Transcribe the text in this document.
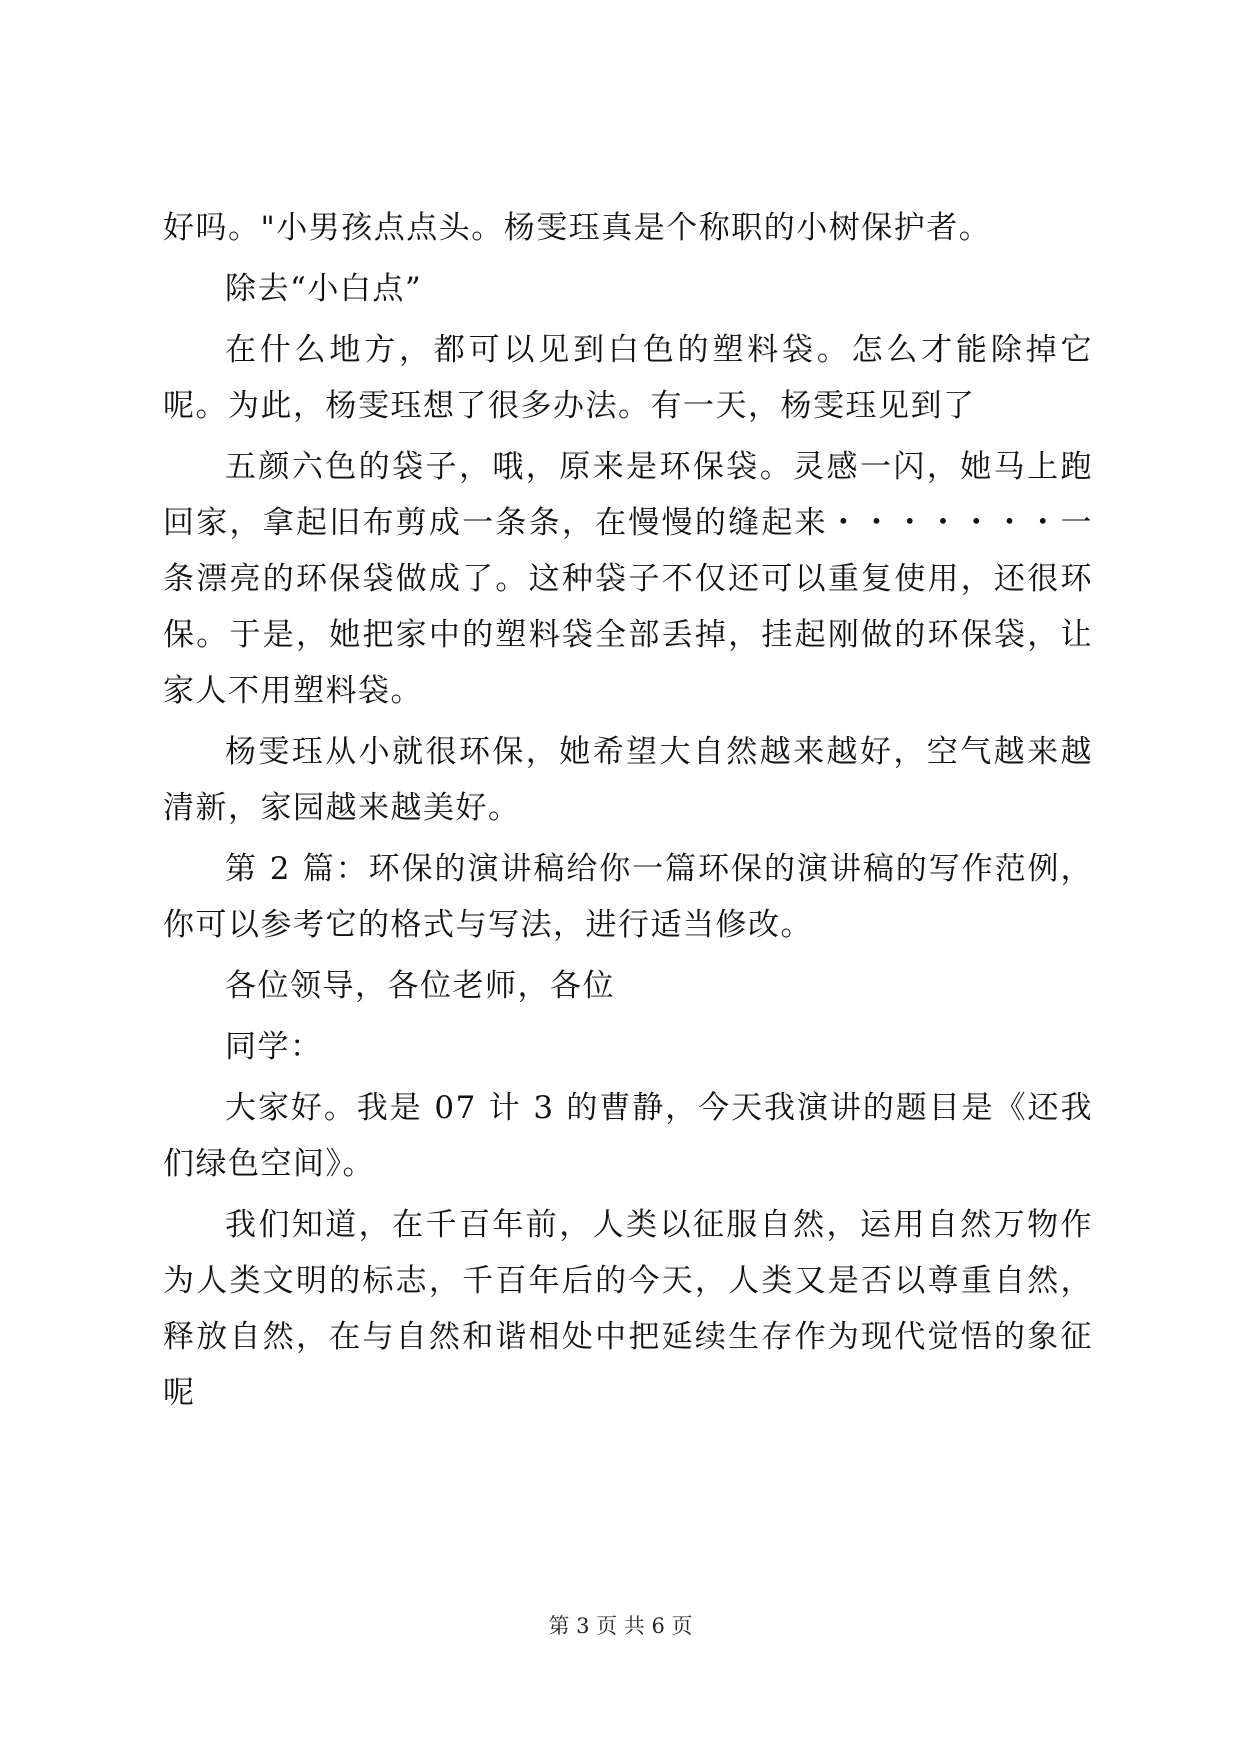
好吗。"小男孩点点头。杨雯珏真是个称职的小树保护者。

除去“小白点”

在什么地方，都可以见到白色的塑料袋。怎么才能除掉它呢。为此，杨雯珏想了很多办法。有一天，杨雯珏见到了

五颜六色的袋子，哦，原来是环保袋。灵感一闪，她马上跑回家，拿起旧布剪成一条条，在慢慢的缝起来・・・・・・・一条漂亮的环保袋做成了。这种袋子不仅还可以重复使用，还很环保。于是，她把家中的塑料袋全部丢掉，挂起刚做的环保袋，让家人不用塑料袋。

杨雯珏从小就很环保，她希望大自然越来越好，空气越来越清新，家园越来越美好。

第 2 篇：环保的演讲稿给你一篇环保的演讲稿的写作范例，你可以参考它的格式与写法，进行适当修改。

各位领导，各位老师，各位

同学：

大家好。我是 07 计 3 的曹静，今天我演讲的题目是《还我们绿色空间》。

我们知道，在千百年前，人类以征服自然，运用自然万物作为人类文明的标志，千百年后的今天，人类又是否以尊重自然，释放自然，在与自然和谐相处中把延续生存作为现代觉悟的象征呢

第 3 页 共 6 页
